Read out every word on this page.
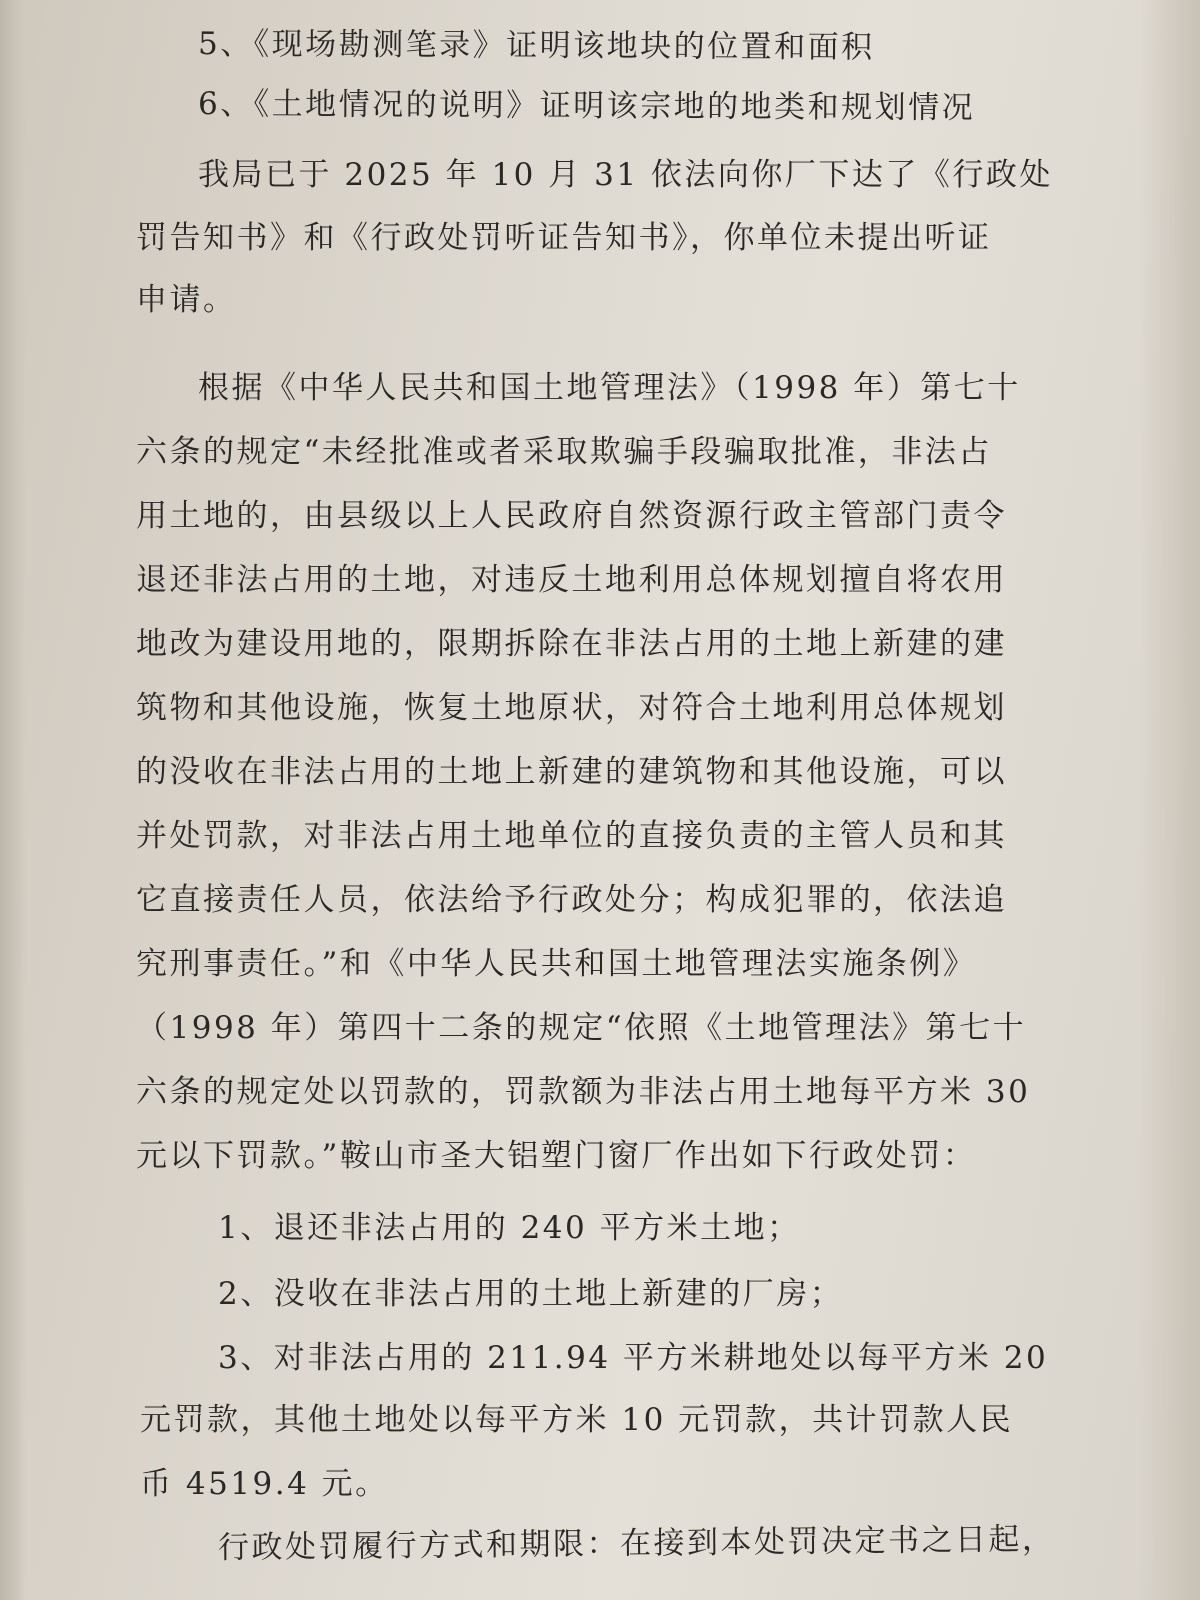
5、《现场勘测笔录》证明该地块的位置和面积
6、《土地情况的说明》证明该宗地的地类和规划情况
我局已于 2025 年 10 月 31 依法向你厂下达了《行政处
罚告知书》和《行政处罚听证告知书》，你单位未提出听证
申请。
根据《中华人民共和国土地管理法》（1998 年）第七十
六条的规定“未经批准或者采取欺骗手段骗取批准，非法占
用土地的，由县级以上人民政府自然资源行政主管部门责令
退还非法占用的土地，对违反土地利用总体规划擅自将农用
地改为建设用地的，限期拆除在非法占用的土地上新建的建
筑物和其他设施，恢复土地原状，对符合土地利用总体规划
的没收在非法占用的土地上新建的建筑物和其他设施，可以
并处罚款，对非法占用土地单位的直接负责的主管人员和其
它直接责任人员，依法给予行政处分；构成犯罪的，依法追
究刑事责任。”和《中华人民共和国土地管理法实施条例》
（1998 年）第四十二条的规定“依照《土地管理法》第七十
六条的规定处以罚款的，罚款额为非法占用土地每平方米 30
元以下罚款。”鞍山市圣大铝塑门窗厂作出如下行政处罚：
1、退还非法占用的 240 平方米土地；
2、没收在非法占用的土地上新建的厂房；
3、对非法占用的 211.94 平方米耕地处以每平方米 20
元罚款，其他土地处以每平方米 10 元罚款，共计罚款人民
币 4519.4 元。
行政处罚履行方式和期限：在接到本处罚决定书之日起，
